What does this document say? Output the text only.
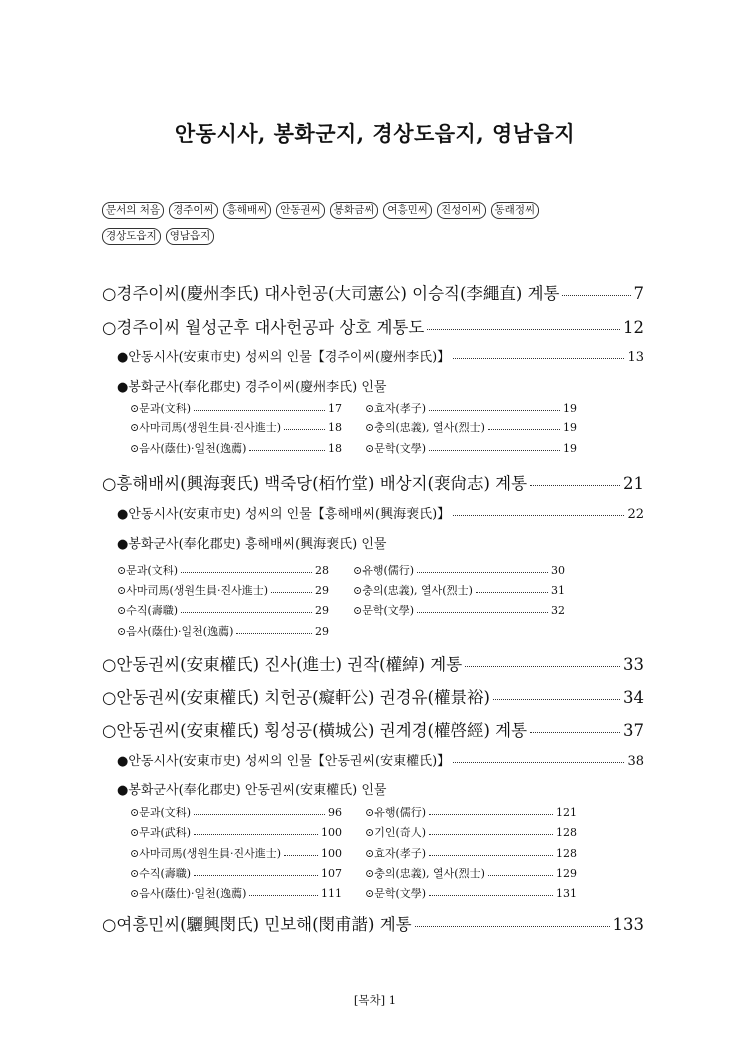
안동시사, 봉화군지, 경상도읍지, 영남읍지
문서의 처음	경주이씨	흥해배씨	안동권씨	봉화금씨	여흥민씨	진성이씨	동래정씨
경상도읍지	영남읍지
○경주이씨(慶州李氏) 대사헌공(大司憲公) 이승직(李繩直) 계통	7
○경주이씨 월성군후 대사헌공파 상호 계통도	12
●안동시사(安東市史) 성씨의 인물【경주이씨(慶州李氏)】	13
●봉화군사(奉化郡史) 경주이씨(慶州李氏) 인물
⊙문과(文科)	17 ⊙효자(孝子)	19
⊙사마司馬(생원生員·진사進士)	18 ⊙충의(忠義), 열사(烈士)	19
⊙음사(蔭仕)·일천(逸薦)	18 ⊙문학(文學)	19
○흥해배씨(興海裵氏) 백죽당(栢竹堂) 배상지(裵尙志) 계통	21
●안동시사(安東市史) 성씨의 인물【흥해배씨(興海裵氏)】	22
●봉화군사(奉化郡史) 흥해배씨(興海裵氏) 인물
⊙문과(文科)	28 ⊙유행(儒行)	30
⊙사마司馬(생원生員·진사進士)	29 ⊙충의(忠義), 열사(烈士)	31
⊙수직(壽職)	29 ⊙문학(文學)	32
⊙음사(蔭仕)·일천(逸薦)	29
○안동권씨(安東權氏) 진사(進士) 권작(權綽) 계통	33
○안동권씨(安東權氏) 치헌공(癡軒公) 권경유(權景裕)	34
○안동권씨(安東權氏) 횡성공(橫城公) 권계경(權啓經) 계통	37
●안동시사(安東市史) 성씨의 인물【안동권씨(安東權氏)】	38
●봉화군사(奉化郡史) 안동권씨(安東權氏) 인물
⊙문과(文科)	96 ⊙유행(儒行)	121
⊙무과(武科)	100 ⊙기인(奇人)	128
⊙사마司馬(생원生員·진사進士)	100 ⊙효자(孝子)	128
⊙수직(壽職)	107 ⊙충의(忠義), 열사(烈士)	129
⊙음사(蔭仕)·일천(逸薦)	111 ⊙문학(文學)	131
○여흥민씨(驪興閔氏) 민보해(閔甫諧) 계통	133
[목차] 1
